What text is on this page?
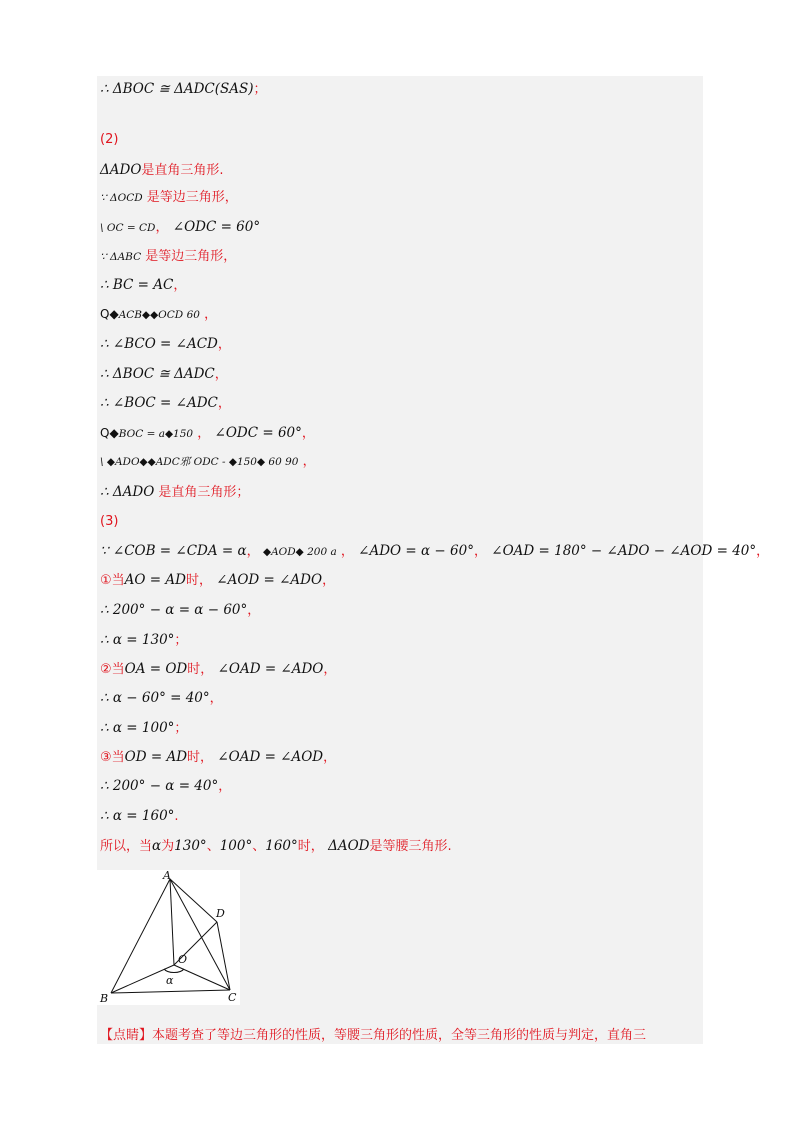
∴ ΔBOC ≅ ΔADC(SAS)；
(2)
ΔADO是直角三角形.
∵ ΔOCD 是等边三角形，
\ OC = CD， ∠ODC = 60°
∵ ΔABC 是等边三角形，
∴ BC = AC，
Q◆ACB◆◆OCD 60 ，
∴ ∠BCO = ∠ACD，
∴ ΔBOC ≅ ΔADC，
∴ ∠BOC = ∠ADC，
Q◆BOC = a◆150 ， ∠ODC = 60°，
\ ◆ADO◆◆ADC邪 ODC - ◆150◆ 60 90 ，
∴ ΔADO 是直角三角形；
(3)
∵ ∠COB = ∠CDA = α， ◆AOD◆ 200 a ， ∠ADO = α − 60°， ∠OAD = 180° − ∠ADO − ∠AOD = 40°，
①当AO = AD时， ∠AOD = ∠ADO，
∴ 200° − α = α − 60°，
∴ α = 130°；
②当OA = OD时， ∠OAD = ∠ADO，
∴ α − 60° = 40°，
∴ α = 100°；
③当OD = AD时， ∠OAD = ∠AOD，
∴ 200° − α = 40°，
∴ α = 160°.
所以，当α为130°、100°、160°时， ΔAOD是等腰三角形.
【点睛】本题考查了等边三角形的性质，等腰三角形的性质，全等三角形的性质与判定，直角三
A
B	C
D
O
α
